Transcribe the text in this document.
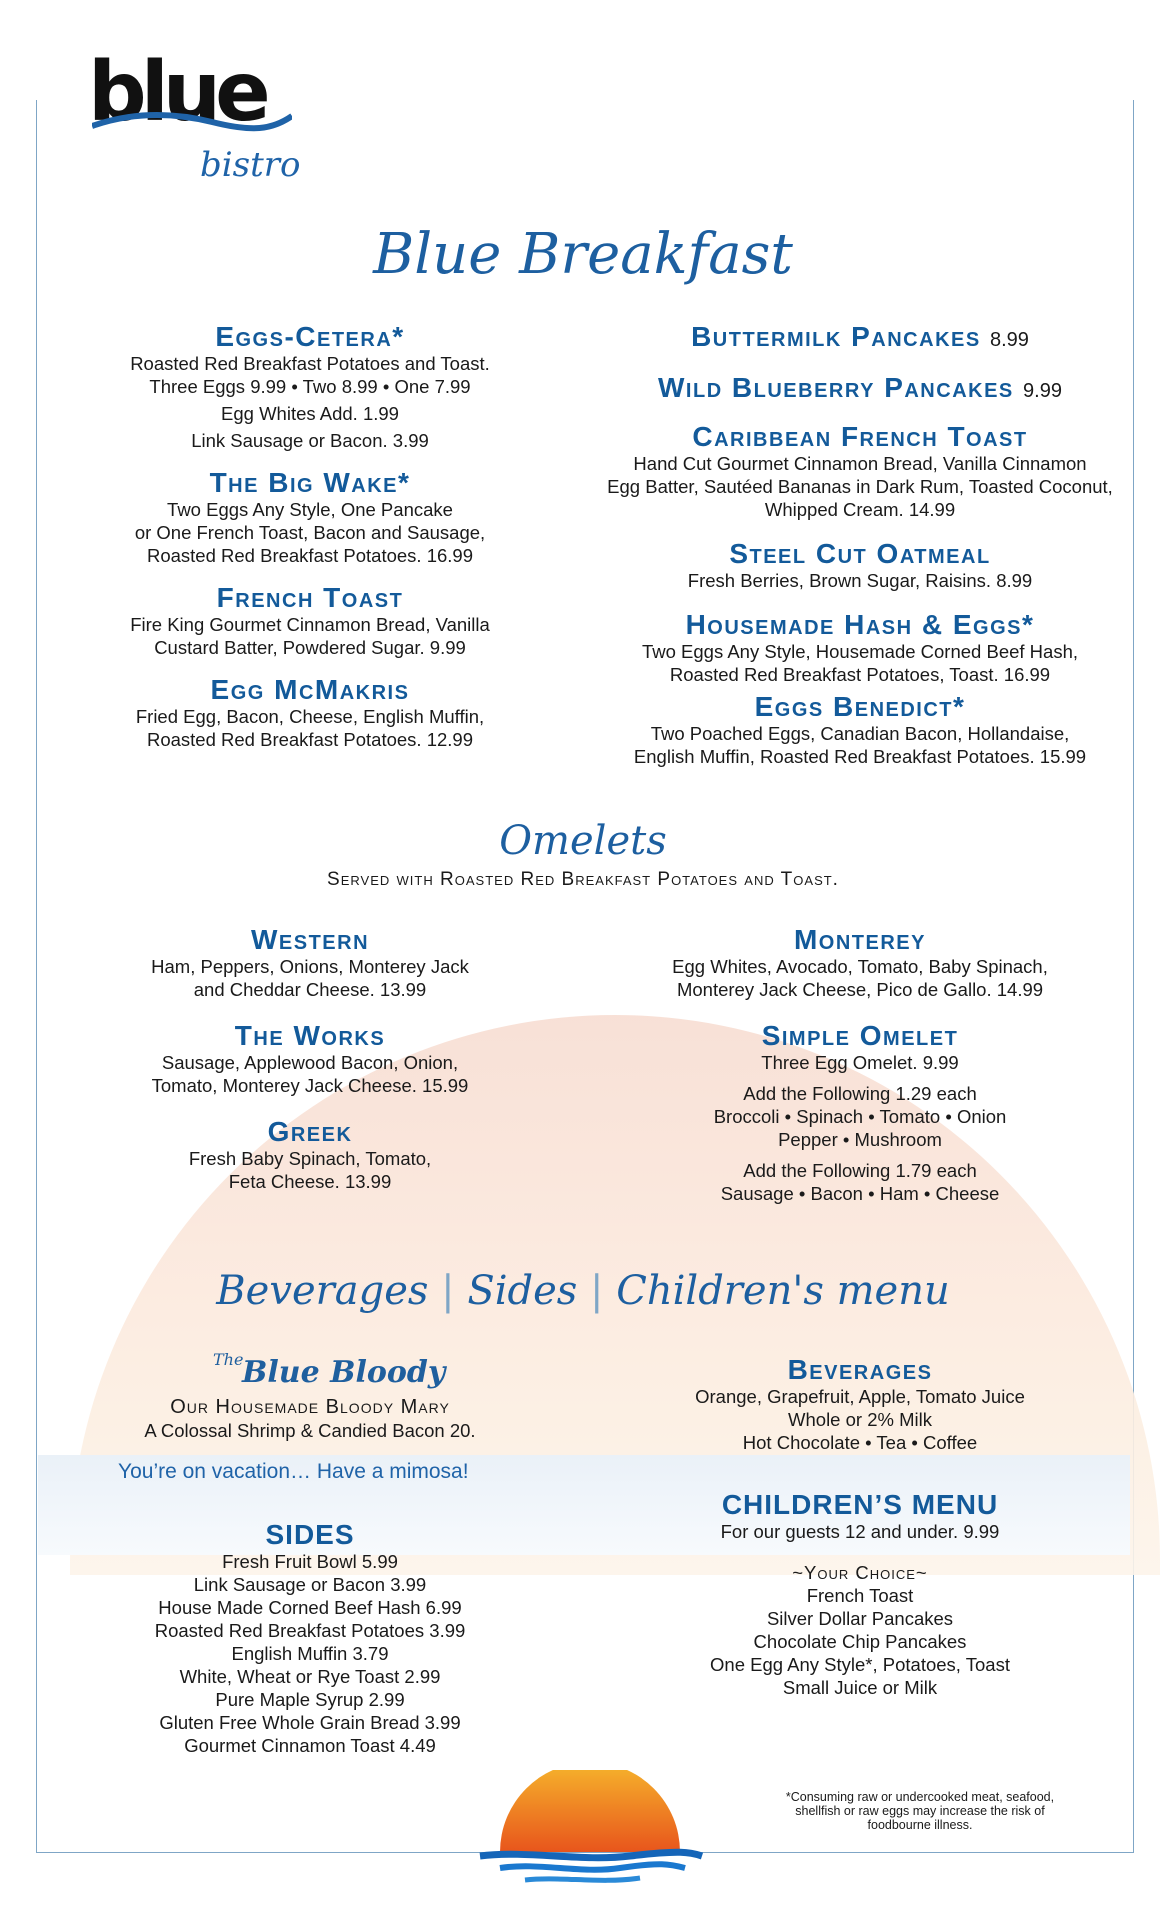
blue
bistro
Blue Breakfast
Eggs-Cetera*
Roasted Red Breakfast Potatoes and Toast.
Three Eggs 9.99 • Two 8.99 • One 7.99
Egg Whites Add. 1.99
Link Sausage or Bacon. 3.99
The Big Wake*
Two Eggs Any Style, One Pancake
or One French Toast, Bacon and Sausage,
Roasted Red Breakfast Potatoes. 16.99
French Toast
Fire King Gourmet Cinnamon Bread, Vanilla
Custard Batter, Powdered Sugar. 9.99
Egg McMakris
Fried Egg, Bacon, Cheese, English Muffin,
Roasted Red Breakfast Potatoes. 12.99
Buttermilk Pancakes 8.99
Wild Blueberry Pancakes 9.99
Caribbean French Toast
Hand Cut Gourmet Cinnamon Bread, Vanilla Cinnamon
Egg Batter, Sautéed Bananas in Dark Rum, Toasted Coconut,
Whipped Cream. 14.99
Steel Cut Oatmeal
Fresh Berries, Brown Sugar, Raisins. 8.99
Housemade Hash & Eggs*
Two Eggs Any Style, Housemade Corned Beef Hash,
Roasted Red Breakfast Potatoes, Toast. 16.99
Eggs Benedict*
Two Poached Eggs, Canadian Bacon, Hollandaise,
English Muffin, Roasted Red Breakfast Potatoes. 15.99
Omelets
Served with Roasted Red Breakfast Potatoes and Toast.
Western
Ham, Peppers, Onions, Monterey Jack
and Cheddar Cheese. 13.99
The Works
Sausage, Applewood Bacon, Onion,
Tomato, Monterey Jack Cheese. 15.99
Greek
Fresh Baby Spinach, Tomato,
Feta Cheese. 13.99
Monterey
Egg Whites, Avocado, Tomato, Baby Spinach,
Monterey Jack Cheese, Pico de Gallo. 14.99
Simple Omelet
Three Egg Omelet. 9.99
Add the Following 1.29 each
Broccoli • Spinach • Tomato • Onion
Pepper • Mushroom
Add the Following 1.79 each
Sausage • Bacon • Ham • Cheese
Beverages | Sides | Children's menu
The
Blue Bloody
Our Housemade Bloody Mary
A Colossal Shrimp & Candied Bacon 20.
You’re on vacation… Have a mimosa!
SIDES
Fresh Fruit Bowl 5.99
Link Sausage or Bacon 3.99
House Made Corned Beef Hash 6.99
Roasted Red Breakfast Potatoes 3.99
English Muffin 3.79
White, Wheat or Rye Toast 2.99
Pure Maple Syrup 2.99
Gluten Free Whole Grain Bread 3.99
Gourmet Cinnamon Toast 4.49
Beverages
Orange, Grapefruit, Apple, Tomato Juice
Whole or 2% Milk
Hot Chocolate • Tea • Coffee
CHILDREN’S MENU
For our guests 12 and under. 9.99
~Your Choice~
French Toast
Silver Dollar Pancakes
Chocolate Chip Pancakes
One Egg Any Style*, Potatoes, Toast
Small Juice or Milk
*Consuming raw or undercooked meat, seafood,
shellfish or raw eggs may increase the risk of
foodbourne illness.
